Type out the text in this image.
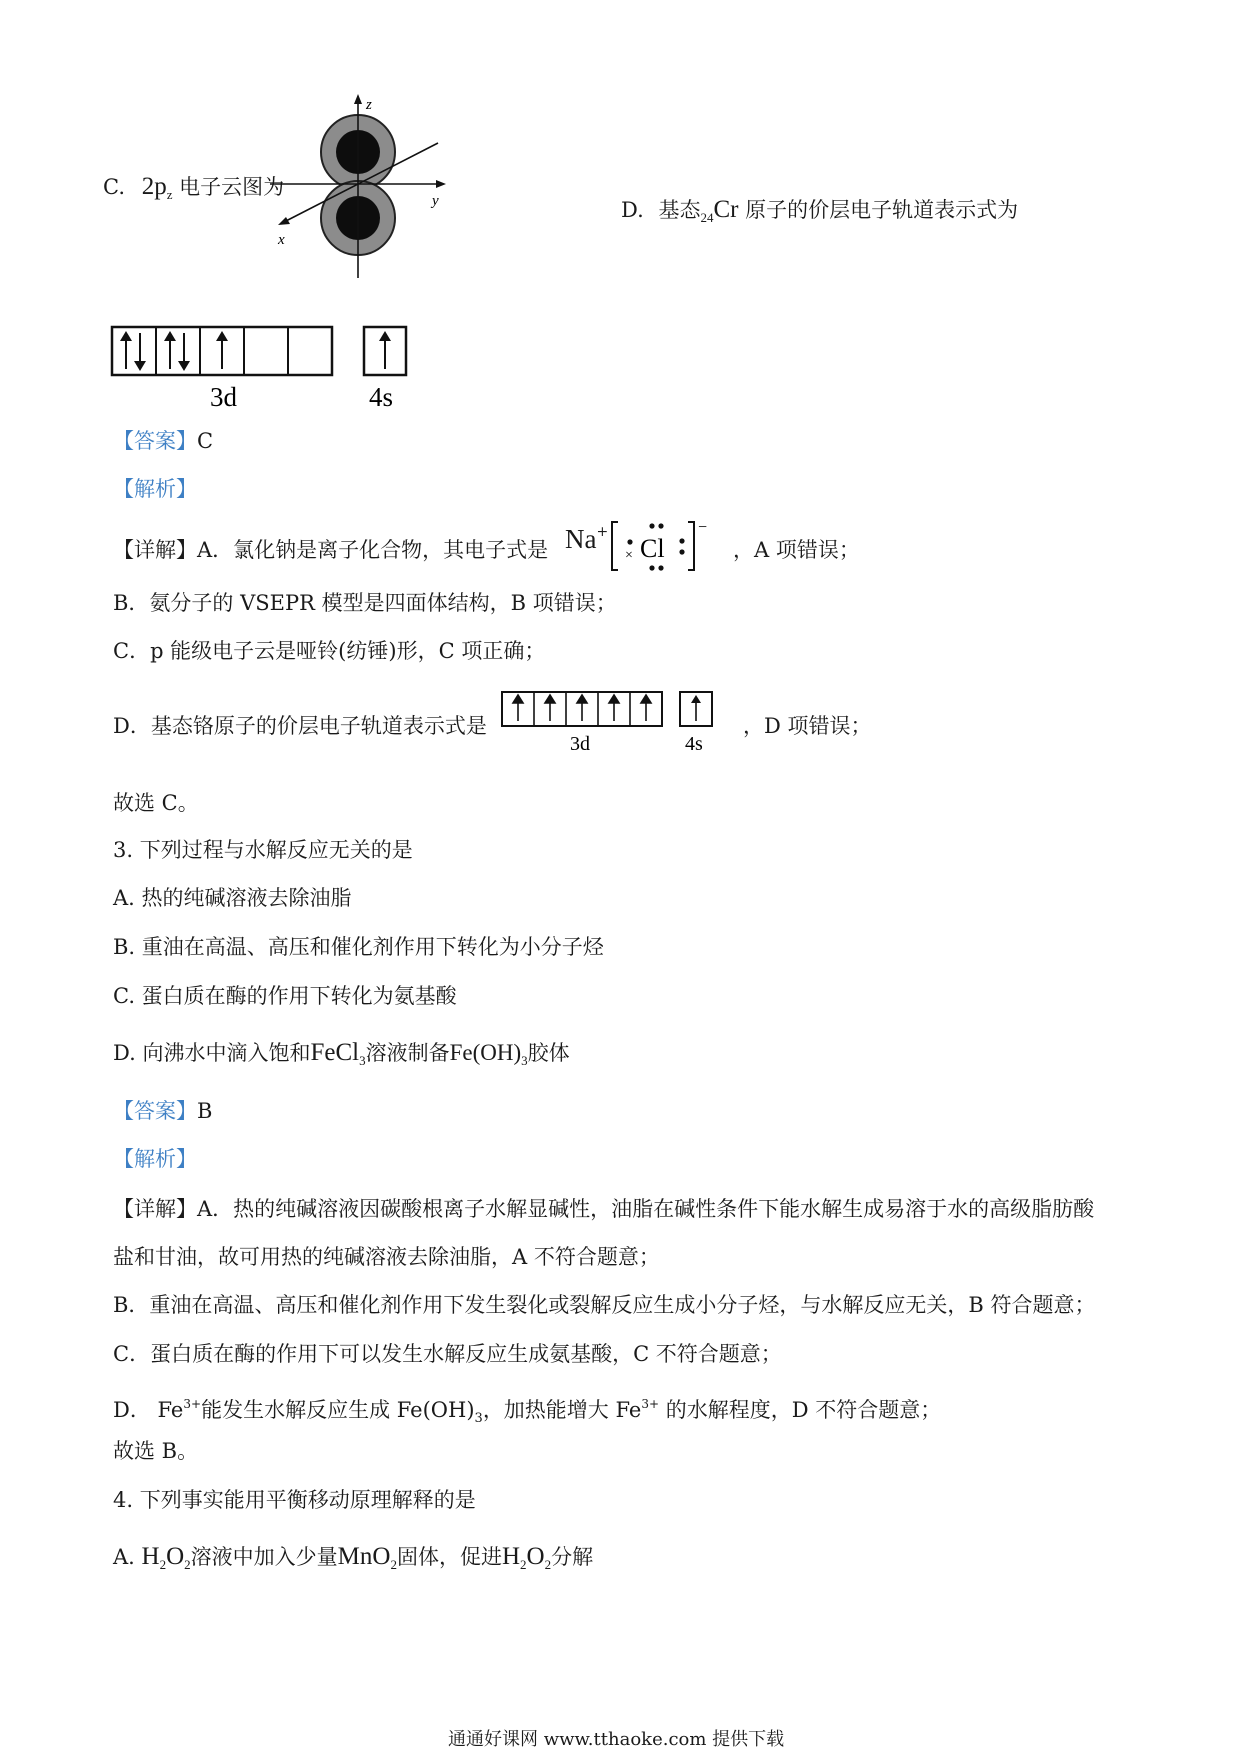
C. $2p_z$ 电子云图为
z
y
x
D. 基态$_{24}$Cr 原子的价层电子轨道表示式为
3d	4s
【答案】C
【解析】
【详解】A．氯化钠是离子化合物，其电子式是 Na+
× Cl
−
，A 项错误；
B．氨分子的 VSEPR 模型是四面体结构，B 项错误；
C．p 能级电子云是哑铃(纺锤)形，C 项正确；
D．基态铬原子的价层电子轨道表示式是
3d	4s
，D 项错误；
故选 C。
3. 下列过程与水解反应无关的是
A. 热的纯碱溶液去除油脂
B. 重油在高温、高压和催化剂作用下转化为小分子烃
C. 蛋白质在酶的作用下转化为氨基酸
D. 向沸水中滴入饱和FeCl$_3$溶液制备$Fe(OH)_3$胶体
【答案】B
【解析】
【详解】A．热的纯碱溶液因碳酸根离子水解显碱性，油脂在碱性条件下能水解生成易溶于水的高级脂肪酸
盐和甘油，故可用热的纯碱溶液去除油脂，A 不符合题意；
B．重油在高温、高压和催化剂作用下发生裂化或裂解反应生成小分子烃，与水解反应无关，B 符合题意；
C．蛋白质在酶的作用下可以发生水解反应生成氨基酸，C 不符合题意；
D． $Fe^{3+}$能发生水解反应生成 $Fe(OH)_3$，加热能增大 $Fe^{3+}$ 的水解程度，D 不符合题意；
故选 B。
4. 下列事实能用平衡移动原理解释的是
A. $H_2O_2$溶液中加入少量MnO$_2$固体，促进$H_2O_2$分解
通通好课网 www.tthaoke.com 提供下载
